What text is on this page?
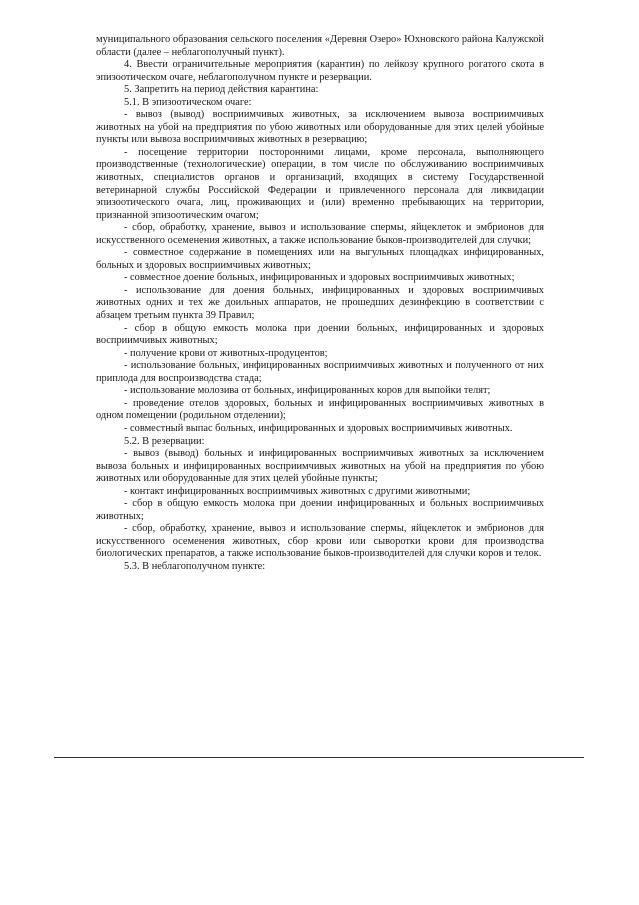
муниципального образования сельского поселения «Деревня Озеро» Юхновского района Калужской области (далее – неблагополучный пункт).

4. Ввести ограничительные мероприятия (карантин) по лейкозу крупного рогатого скота в эпизоотическом очаге, неблагополучном пункте и резервации.

5. Запретить на период действия карантина:

5.1. В эпизоотическом очаге:

- вывоз (вывод) восприимчивых животных, за исключением вывоза восприимчивых животных на убой на предприятия по убою животных или оборудованные для этих целей убойные пункты или вывоза восприимчивых животных в резервацию;

- посещение территории посторонними лицами, кроме персонала, выполняющего производственные (технологические) операции, в том числе по обслуживанию восприимчивых животных, специалистов органов и организаций, входящих в систему Государственной ветеринарной службы Российской Федерации и привлеченного персонала для ликвидации эпизоотического очага, лиц, проживающих и (или) временно пребывающих на территории, признанной эпизоотическим очагом;

- сбор, обработку, хранение, вывоз и использование спермы, яйцеклеток и эмбрионов для искусственного осеменения животных, а также использование быков-производителей для случки;

- совместное содержание в помещениях или на выгульных площадках инфицированных, больных и здоровых восприимчивых животных;

- совместное доение больных, инфицированных и здоровых восприимчивых животных;

- использование для доения больных, инфицированных и здоровых восприимчивых животных одних и тех же доильных аппаратов, не прошедших дезинфекцию в соответствии с абзацем третьим пункта 39 Правил;

- сбор в общую емкость молока при доении больных, инфицированных и здоровых восприимчивых животных;

- получение крови от животных-продуцентов;

- использование больных, инфицированных восприимчивых животных и полученного от них приплода для воспроизводства стада;

- использование молозива от больных, инфицированных коров для выпойки телят;

- проведение отелов здоровых, больных и инфицированных восприимчивых животных в одном помещении (родильном отделении);

- совместный выпас больных, инфицированных и здоровых восприимчивых животных.

5.2. В резервации:

- вывоз (вывод) больных и инфицированных восприимчивых животных за исключением вывоза больных и инфицированных восприимчивых животных на убой на предприятия по убою животных или оборудованные для этих целей убойные пункты;

- контакт инфицированных восприимчивых животных с другими животными;

- сбор в общую емкость молока при доении инфицированных и больных восприимчивых животных;

- сбор, обработку, хранение, вывоз и использование спермы, яйцеклеток и эмбрионов для искусственного осеменения животных, сбор крови или сыворотки крови для производства биологических препаратов, а также использование быков-производителей для случки коров и телок.

5.3. В неблагополучном пункте:
